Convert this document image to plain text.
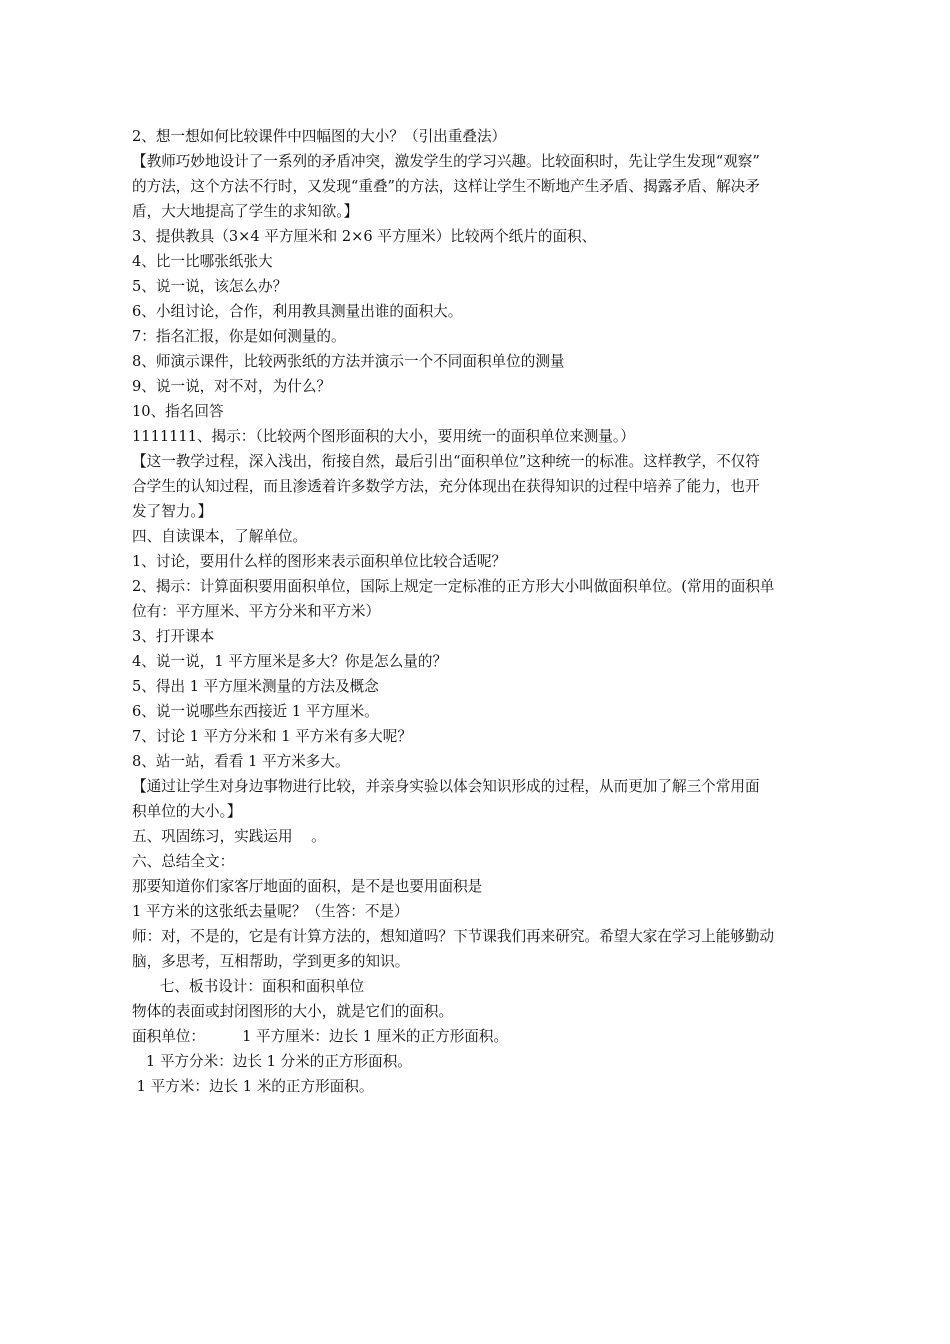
2、想一想如何比较课件中四幅图的大小？（引出重叠法）
【教师巧妙地设计了一系列的矛盾冲突，激发学生的学习兴趣。比较面积时，先让学生发现“观察”
的方法，这个方法不行时，又发现“重叠”的方法，这样让学生不断地产生矛盾、揭露矛盾、解决矛
盾，大大地提高了学生的求知欲。】
3、提供教具（3×4 平方厘米和 2×6 平方厘米）比较两个纸片的面积、
4、比一比哪张纸张大
5、说一说，该怎么办？
6、小组讨论，合作，利用教具测量出谁的面积大。
7：指名汇报，你是如何测量的。
8、师演示课件，比较两张纸的方法并演示一个不同面积单位的测量
9、说一说，对不对，为什么？
10、指名回答
1111111、揭示：（比较两个图形面积的大小，要用统一的面积单位来测量。）
【这一教学过程，深入浅出，衔接自然，最后引出“面积单位”这种统一的标准。这样教学，不仅符
合学生的认知过程，而且渗透着许多数学方法，充分体现出在获得知识的过程中培养了能力，也开
发了智力。】
四、自读课本，了解单位。
1、讨论，要用什么样的图形来表示面积单位比较合适呢？
2、揭示：计算面积要用面积单位，国际上规定一定标准的正方形大小叫做面积单位。(常用的面积单
位有：平方厘米、平方分米和平方米）
3、打开课本
4、说一说，1 平方厘米是多大？你是怎么量的？
5、得出 1 平方厘米测量的方法及概念
6、说一说哪些东西接近 1 平方厘米。
7、讨论 1 平方分米和 1 平方米有多大呢？
8、站一站，看看 1 平方米多大。
【通过让学生对身边事物进行比较，并亲身实验以体会知识形成的过程，从而更加了解三个常用面
积单位的大小。】
五、巩固练习，实践运用    。
六、总结全文：
那要知道你们家客厅地面的面积，是不是也要用面积是
1 平方米的这张纸去量呢？（生答：不是）
师：对，不是的，它是有计算方法的，想知道吗？下节课我们再来研究。希望大家在学习上能够勤动
脑，多思考，互相帮助，学到更多的知识。
七、板书设计：面积和面积单位
物体的表面或封闭图形的大小，就是它们的面积。
面积单位：        1 平方厘米：边长 1 厘米的正方形面积。
1 平方分米：边长 1 分米的正方形面积。
1 平方米：边长 1 米的正方形面积。
